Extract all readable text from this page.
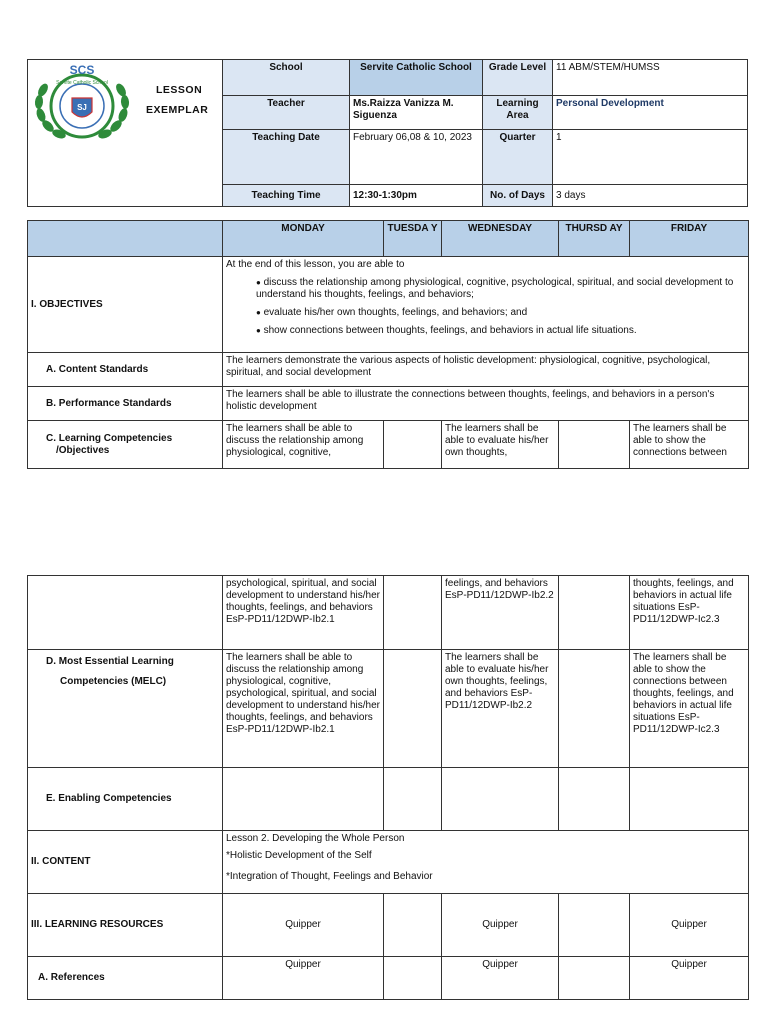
SJ
SCS
Servite Catholic School
LESSON
EXEMPLAR
	School	Servite Catholic School	Grade Level	11 ABM/STEM/HUMSS
	Teacher	Ms.Raizza Vanizza M. Siguenza	Learning Area	Personal Development
	Teaching Date	February 06,08 & 10, 2023	Quarter	1
	Teaching Time	12:30-1:30pm	No. of Days	3 days
	MONDAY	TUESDA Y	WEDNESDAY	THURSD AY	FRIDAY
I. OBJECTIVES	At the end of this lesson, you are able to
● discuss the relationship among physiological, cognitive, psychological, spiritual, and social development to understand his thoughts, feelings, and behaviors;
● evaluate his/her own thoughts, feelings, and behaviors; and
● show connections between thoughts, feelings, and behaviors in actual life situations.				

A. Content Standards	The learners demonstrate the various aspects of holistic development: physiological, cognitive, psychological, spiritual, and social development				
B. Performance Standards	The learners shall be able to illustrate the connections between thoughts, feelings, and behaviors in a person's holistic development				

C. Learning Competencies
/Objectives	The learners shall be able to discuss the relationship among physiological, cognitive,		The learners shall be able to evaluate his/her own thoughts,		The learners shall be able to show the connections between
	psychological, spiritual, and social development to understand his/her thoughts, feelings, and behaviors EsP-PD11/12DWP-Ib2.1		feelings, and behaviors EsP-PD11/12DWP-Ib2.2		thoughts, feelings, and behaviors in actual life situations EsP-PD11/12DWP-Ic2.3

D. Most Essential Learning
Competencies (MELC)	The learners shall be able to discuss the relationship among physiological, cognitive, psychological, spiritual, and social development to understand his/her thoughts, feelings, and behaviors EsP-PD11/12DWP-Ib2.1		The learners shall be able to evaluate his/her own thoughts, feelings, and behaviors EsP-PD11/12DWP-Ib2.2		The learners shall be able to show the connections between thoughts, feelings, and behaviors in actual life situations EsP-PD11/12DWP-Ic2.3
E. Enabling Competencies					
II. CONTENT	Lesson 2. Developing the Whole Person
*Holistic Development of the Self
*Integration of Thought, Feelings and Behavior				

III. LEARNING RESOURCES	Quipper		Quipper		Quipper
A. References	Quipper		Quipper		Quipper
